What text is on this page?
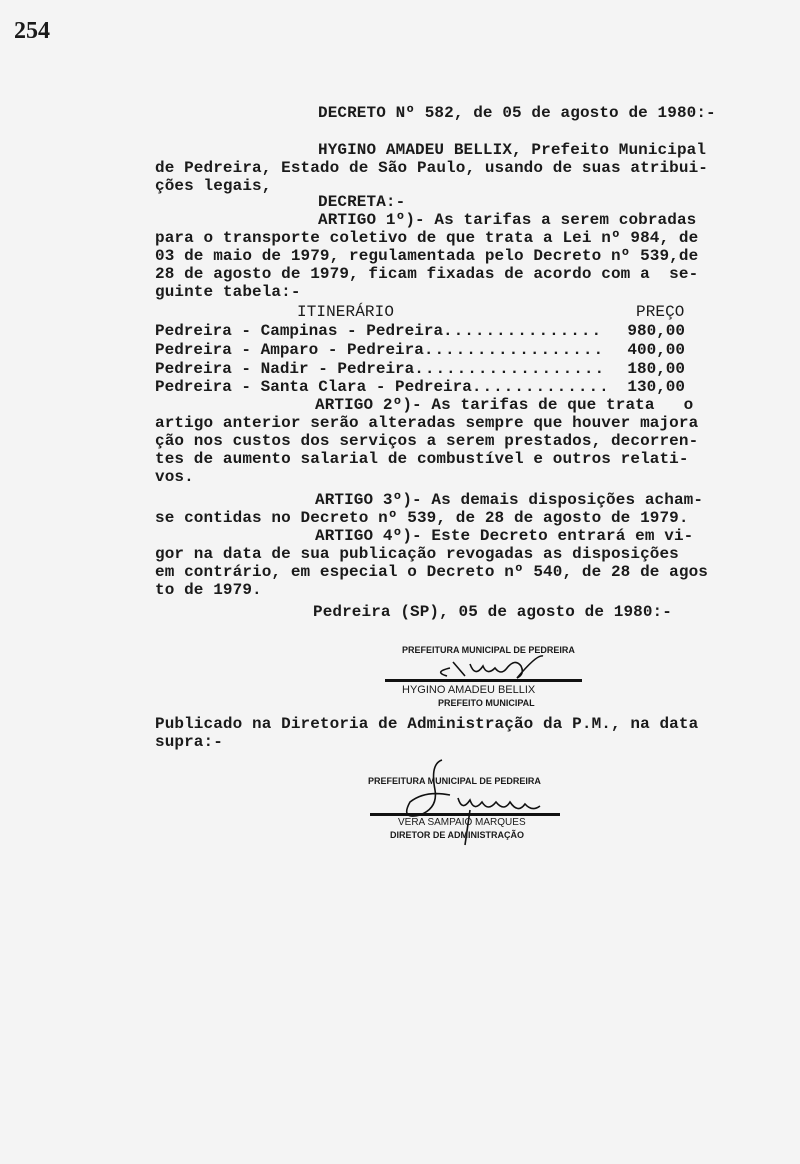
254
DECRETO Nº 582, de 05 de agosto de 1980:-
HYGINO AMADEU BELLIX, Prefeito Municipal
de Pedreira, Estado de São Paulo, usando de suas atribui-
ções legais,
DECRETA:-
ARTIGO 1º)- As tarifas a serem cobradas
para o transporte coletivo de que trata a Lei nº 984, de
03 de maio de 1979, regulamentada pelo Decreto nº 539,de
28 de agosto de 1979, ficam fixadas de acordo com a  se-
guinte tabela:-
ITINERÁRIO	PREÇO
Pedreira - Campinas - Pedreira .....	980,00
Pedreira - Amparo - Pedreira .....	400,00
Pedreira - Nadir - Pedreira .....	180,00
Pedreira - Santa Clara - Pedreira .....	130,00
ARTIGO 2º)- As tarifas de que trata   o
artigo anterior serão alteradas sempre que houver majora
ção nos custos dos serviços a serem prestados, decorren-
tes de aumento salarial de combustível e outros relati-
vos.
ARTIGO 3º)- As demais disposições acham-
se contidas no Decreto nº 539, de 28 de agosto de 1979.
ARTIGO 4º)- Este Decreto entrará em vi-
gor na data de sua publicação revogadas as disposições
em contrário, em especial o Decreto nº 540, de 28 de agos
to de 1979.
Pedreira (SP), 05 de agosto de 1980:-
PREFEITURA MUNICIPAL DE PEDREIRA
HYGINO AMADEU BELLIX
PREFEITO MUNICIPAL
Publicado na Diretoria de Administração da P.M., na data
supra:-
PREFEITURA MUNICIPAL DE PEDREIRA
VERA SAMPAIO MARQUES
DIRETOR DE ADMINISTRAÇÃO
